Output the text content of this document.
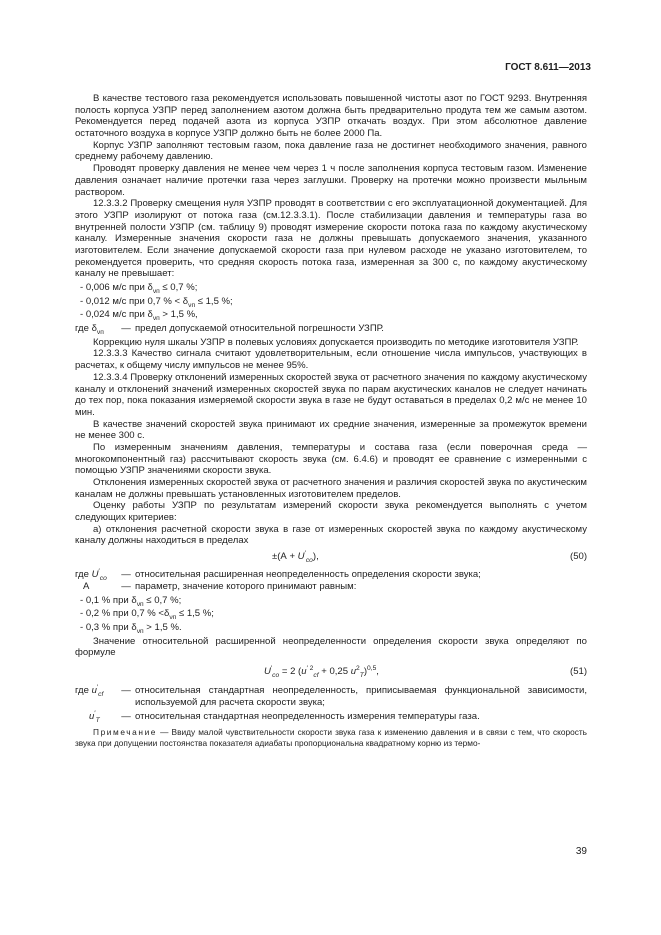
ГОСТ 8.611—2013

В качестве тестового газа рекомендуется использовать повышенной чистоты азот по ГОСТ 9293. Внутренняя полость корпуса УЗПР перед заполнением азотом должна быть предварительно продута тем же самым азотом. Рекомендуется перед подачей азота из корпуса УЗПР откачать воздух. При этом абсолютное давление остаточного воздуха в корпусе УЗПР должно быть не более 2000 Па.

Корпус УЗПР заполняют тестовым газом, пока давление газа не достигнет необходимого значения, равного среднему рабочему давлению.

Проводят проверку давления не менее чем через 1 ч после заполнения корпуса тестовым газом. Изменение давления означает наличие протечки газа через заглушки. Проверку на протечки можно произвести мыльным раствором.

12.3.3.2 Проверку смещения нуля УЗПР проводят в соответствии с его эксплуатационной документацией. Для этого УЗПР изолируют от потока газа (см.12.3.3.1). После стабилизации давления и температуры газа во внутренней полости УЗПР (см. таблицу 9) проводят измерение скорости потока газа по каждому акустическому каналу. Измеренные значения скорости газа не должны превышать допускаемого значения, указанного изготовителем. Если значение допускаемой скорости газа при нулевом расходе не указано изготовителем, то рекомендуется проверить, что средняя скорость потока газа, измеренная за 300 с, по каждому акустическому каналу не превышает:

- 0,006 м/с при $\delta_{\nu п} \le 0,7$ %;

- 0,012 м/с при 0,7 % < $\delta_{\nu п} \le 1,5$ %;

- 0,024 м/с при $\delta_{\nu п} > 1,5$ %,

где $\delta_{\nu п}$	— предел допускаемой относительной погрешности УЗПР.

Коррекцию нуля шкалы УЗПР в полевых условиях допускается производить по методике изготовителя УЗПР.

12.3.3.3 Качество сигнала считают удовлетворительным, если отношение числа импульсов, участвующих в расчетах, к общему числу импульсов не менее 95%.

12.3.3.4 Проверку отклонений измеренных скоростей звука от расчетного значения по каждому акустическому каналу и отклонений значений измеренных скоростей звука по парам акустических каналов не следует начинать до тех пор, пока показания измеряемой скорости звука в газе не будут оставаться в пределах 0,2 м/с не менее 10 мин.

В качестве значений скоростей звука принимают их средние значения, измеренные за промежуток времени не менее 300 с.

По измеренным значениям давления, температуры и состава газа (если поверочная среда — многокомпонентный газ) рассчитывают скорость звука (см. 6.4.6) и проводят ее сравнение с измеренными с помощью УЗПР значениями скорости звука.

Отклонения измеренных скоростей звука от расчетного значения и различия скоростей звука по акустическим каналам не должны превышать установленных изготовителем пределов.

Оценку работы УЗПР по результатам измерений скорости звука рекомендуется выполнять с учетом следующих критериев:

а) отклонения расчетной скорости звука в газе от измеренных скоростей звука по каждому акустическому каналу должны находиться в пределах

$\pm(А + U'_{cо})$,	(50)
где $U'_{cо}$	— относительная расширенная неопределенность определения скорости звука;
А	— параметр, значение которого принимают равным:

- 0,1 % при $\delta_{\nu п} \le 0,7$ %;

- 0,2 % при 0,7 % $<\delta_{\nu п} \le 1,5$ %;

- 0,3 % при $\delta_{\nu п} > 1,5$ %.

Значение относительной расширенной неопределенности определения скорости звука определяют по формуле

$U'_{cо} = 2$ ($u^{' 2}_{cf} + 0,25$ $u^2_T)^{0,5}$,	(51)
где $u'_{cf}$	— относительная стандартная неопределенность, приписываемая функциональной зависимости, используемой для расчета скорости звука;
$u'_T$	— относительная стандартная неопределенность измерения температуры газа.

Примечание — Ввиду малой чувствительности скорости звука газа к изменению давления и в связи с тем, что скорость звука при допущении постоянства показателя адиабаты пропорциональна квадратному корню из термо-

39
